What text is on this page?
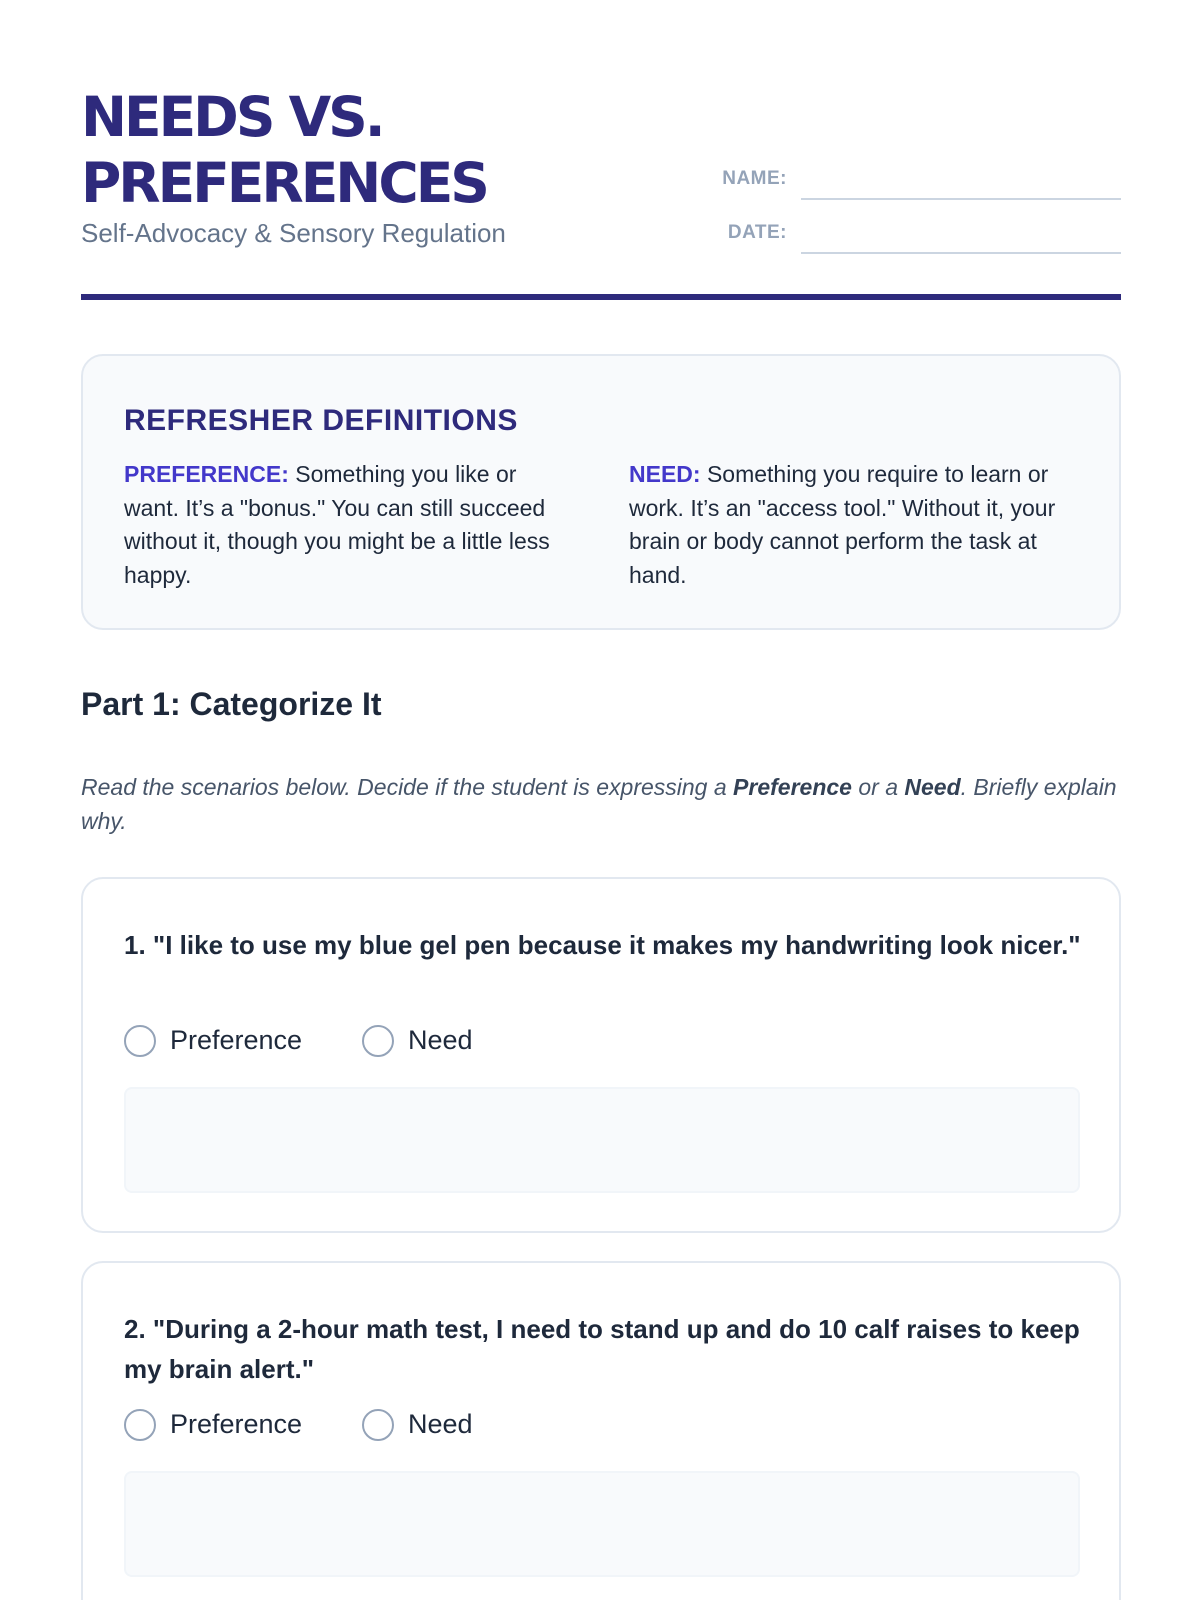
NEEDS VS.
PREFERENCES
Self-Advocacy & Sensory Regulation
NAME:
DATE:
REFRESHER DEFINITIONS

PREFERENCE: Something you like or want. It’s a "bonus." You can still succeed without it, though you might be a little less happy.

NEED: Something you require to learn or work. It’s an "access tool." Without it, your brain or body cannot perform the task at hand.

Part 1: Categorize It

Read the scenarios below. Decide if the student is expressing a Preference or a Need. Briefly explain why.

1. "I like to use my blue gel pen because it makes my handwriting look nicer."
Preference	Need
2. "During a 2-hour math test, I need to stand up and do 10 calf raises to keep my brain alert."
Preference	Need
